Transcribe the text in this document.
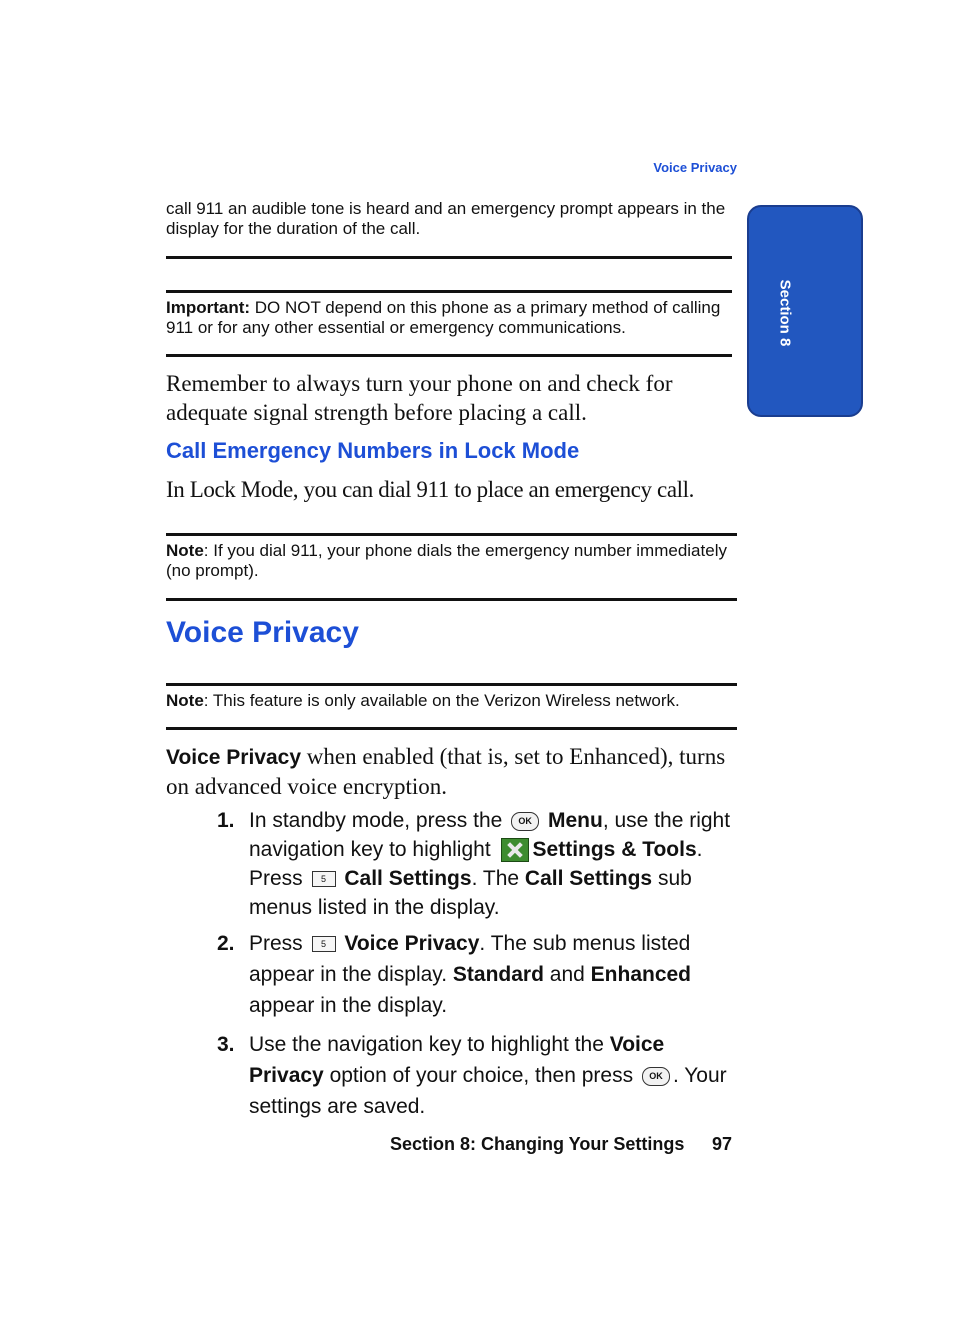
Voice Privacy
Section 8
call 911 an audible tone is heard and an emergency prompt appears in the display for the duration of the call.
Important: DO NOT depend on this phone as a primary method of calling 911 or for any other essential or emergency communications.
Remember to always turn your phone on and check for adequate signal strength before placing a call.
Call Emergency Numbers in Lock Mode
In Lock Mode, you can dial 911 to place an emergency call.
Note: If you dial 911, your phone dials the emergency number immediately (no prompt).
Voice Privacy
Note: This feature is only available on the Verizon Wireless network.
Voice Privacy when enabled (that is, set to Enhanced), turns on advanced voice encryption.
1. In standby mode, press the OK Menu, use the right navigation key to highlight Settings & Tools. Press 5 Call Settings. The Call Settings sub menus listed in the display.
2. Press 5 Voice Privacy. The sub menus listed appear in the display. Standard and Enhanced appear in the display.
3. Use the navigation key to highlight the Voice Privacy option of your choice, then press OK . Your settings are saved.
Section 8: Changing Your Settings 97
